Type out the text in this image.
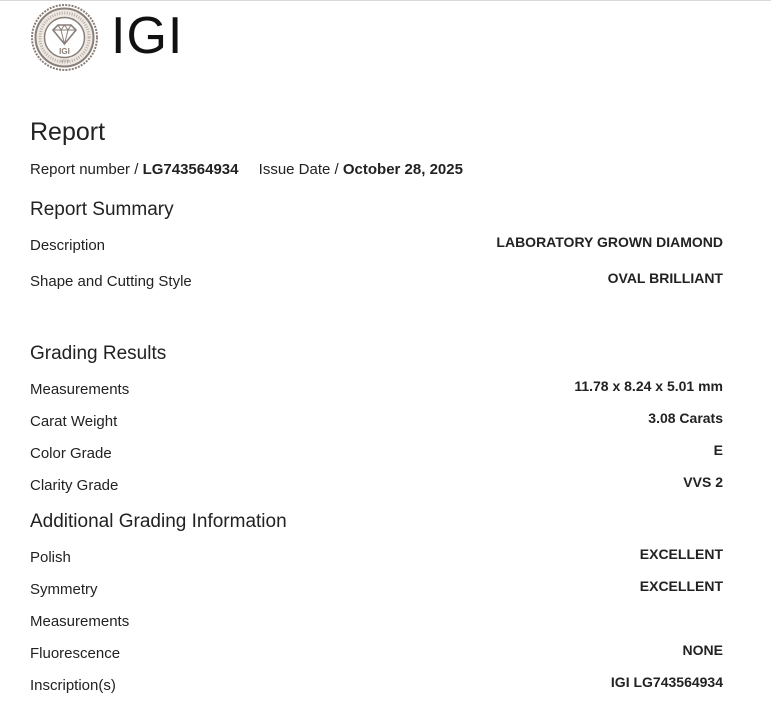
IGI
1975 IGI
Report
Report number / LG743564934 Issue Date / October 28, 2025
Report Summary
Description	LABORATORY GROWN DIAMOND
Shape and Cutting Style	OVAL BRILLIANT
Grading Results
Measurements	11.78 x 8.24 x 5.01 mm
Carat Weight	3.08 Carats
Color Grade	E
Clarity Grade	VVS 2
Additional Grading Information
Polish	EXCELLENT
Symmetry	EXCELLENT
Measurements
Fluorescence	NONE
Inscription(s)	IGI LG743564934
